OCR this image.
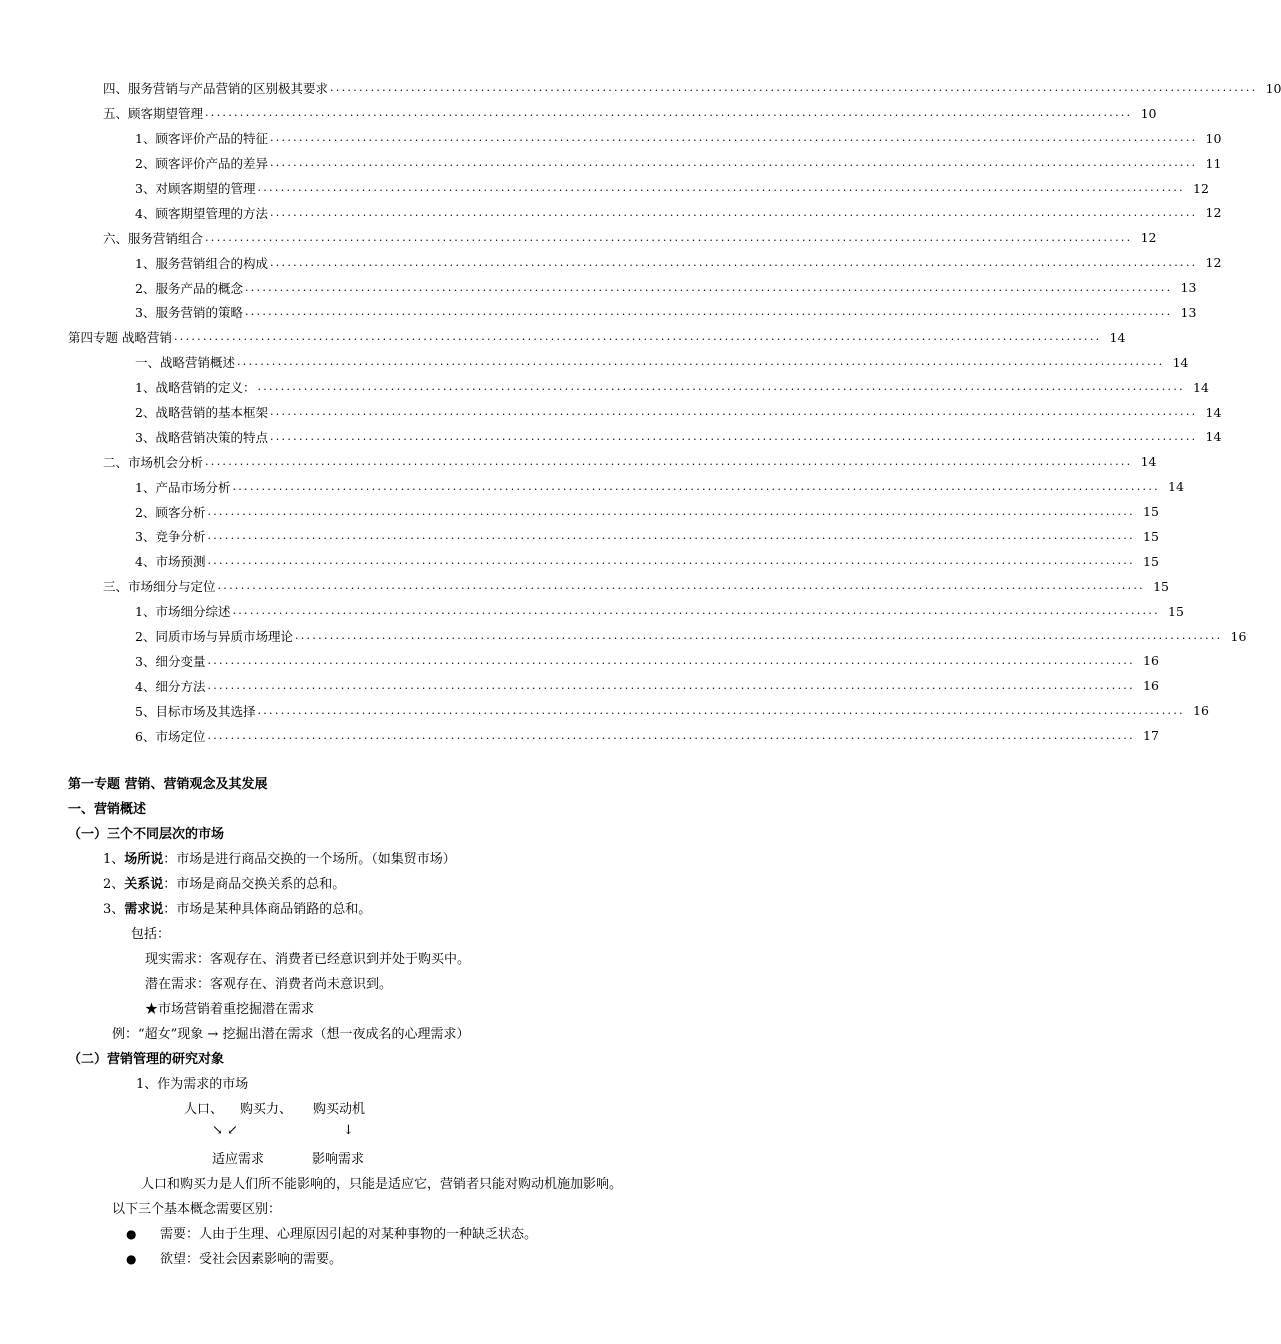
四、服务营销与产品营销的区别极其要求 ................................................................................................................................................................ 10
五、顾客期望管理 ................................................................................................................................................................ 10
1、顾客评价产品的特征 ................................................................................................................................................................ 10
2、顾客评价产品的差异 ................................................................................................................................................................ 11
3、对顾客期望的管理 ................................................................................................................................................................ 12
4、顾客期望管理的方法 ................................................................................................................................................................ 12
六、服务营销组合 ................................................................................................................................................................ 12
1、服务营销组合的构成 ................................................................................................................................................................ 12
2、服务产品的概念 ................................................................................................................................................................ 13
3、服务营销的策略 ................................................................................................................................................................ 13
第四专题 战略营销 ................................................................................................................................................................ 14
一、战略营销概述 ................................................................................................................................................................ 14
1、战略营销的定义： ................................................................................................................................................................ 14
2、战略营销的基本框架 ................................................................................................................................................................ 14
3、战略营销决策的特点 ................................................................................................................................................................ 14
二、市场机会分析 ................................................................................................................................................................ 14
1、产品市场分析 ................................................................................................................................................................ 14
2、顾客分析 ................................................................................................................................................................ 15
3、竞争分析 ................................................................................................................................................................ 15
4、市场预测 ................................................................................................................................................................ 15
三、市场细分与定位 ................................................................................................................................................................ 15
1、 市场细分综述 ................................................................................................................................................................ 15
2、 同质市场与异质市场理论 ................................................................................................................................................................ 16
3、细分变量 ................................................................................................................................................................ 16
4、细分方法 ................................................................................................................................................................ 16
5、目标市场及其选择 ................................................................................................................................................................ 16
6、市场定位 ................................................................................................................................................................ 17
第一专题 营销、营销观念及其发展
一、营销概述
（一）三个不同层次的市场
1、场所说：市场是进行商品交换的一个场所。（如集贸市场）
2、关系说：市场是商品交换关系的总和。
3、需求说：市场是某种具体商品销路的总和。
包括：
现实需求：客观存在、消费者已经意识到并处于购买中。
潜在需求：客观存在、消费者尚未意识到。
★市场营销着重挖掘潜在需求
例：“超女”现象 → 挖掘出潜在需求（想一夜成名的心理需求）
（二）营销管理的研究对象
1、作为需求的市场
人口、 购买力、 购买动机
↘ ↙	↓
适应需求	影响需求
人口和购买力是人们所不能影响的，只能是适应它，营销者只能对购动机施加影响。
以下三个基本概念需要区别：
● 需要：人由于生理、心理原因引起的对某种事物的一种缺乏状态。
● 欲望：受社会因素影响的需要。
